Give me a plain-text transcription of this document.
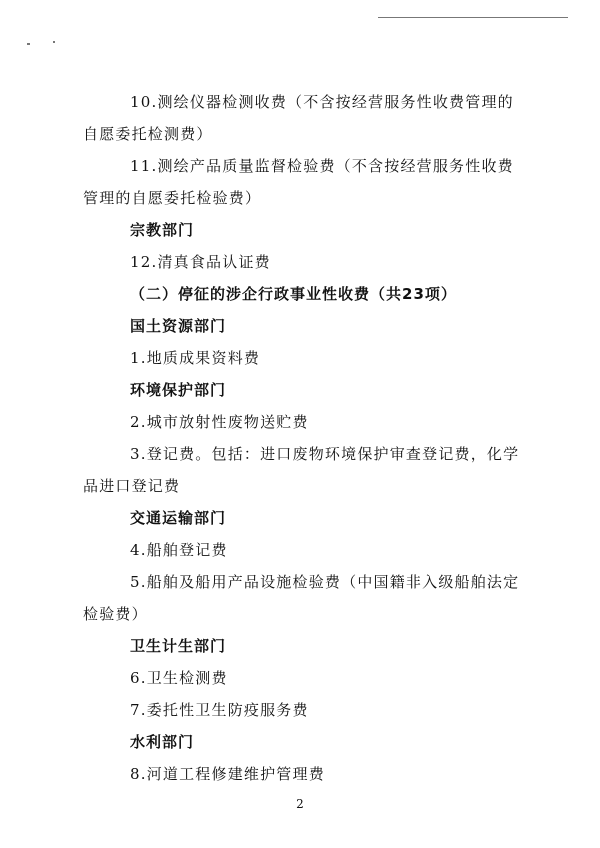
10.测绘仪器检测收费（不含按经营服务性收费管理的
自愿委托检测费）
11.测绘产品质量监督检验费（不含按经营服务性收费
管理的自愿委托检验费）
宗教部门
12.清真食品认证费
（二）停征的涉企行政事业性收费（共23项）
国土资源部门
1.地质成果资料费
环境保护部门
2.城市放射性废物送贮费
3.登记费。包括：进口废物环境保护审查登记费，化学
品进口登记费
交通运输部门
4.船舶登记费
5.船舶及船用产品设施检验费（中国籍非入级船舶法定
检验费）
卫生计生部门
6.卫生检测费
7.委托性卫生防疫服务费
水利部门
8.河道工程修建维护管理费
2
